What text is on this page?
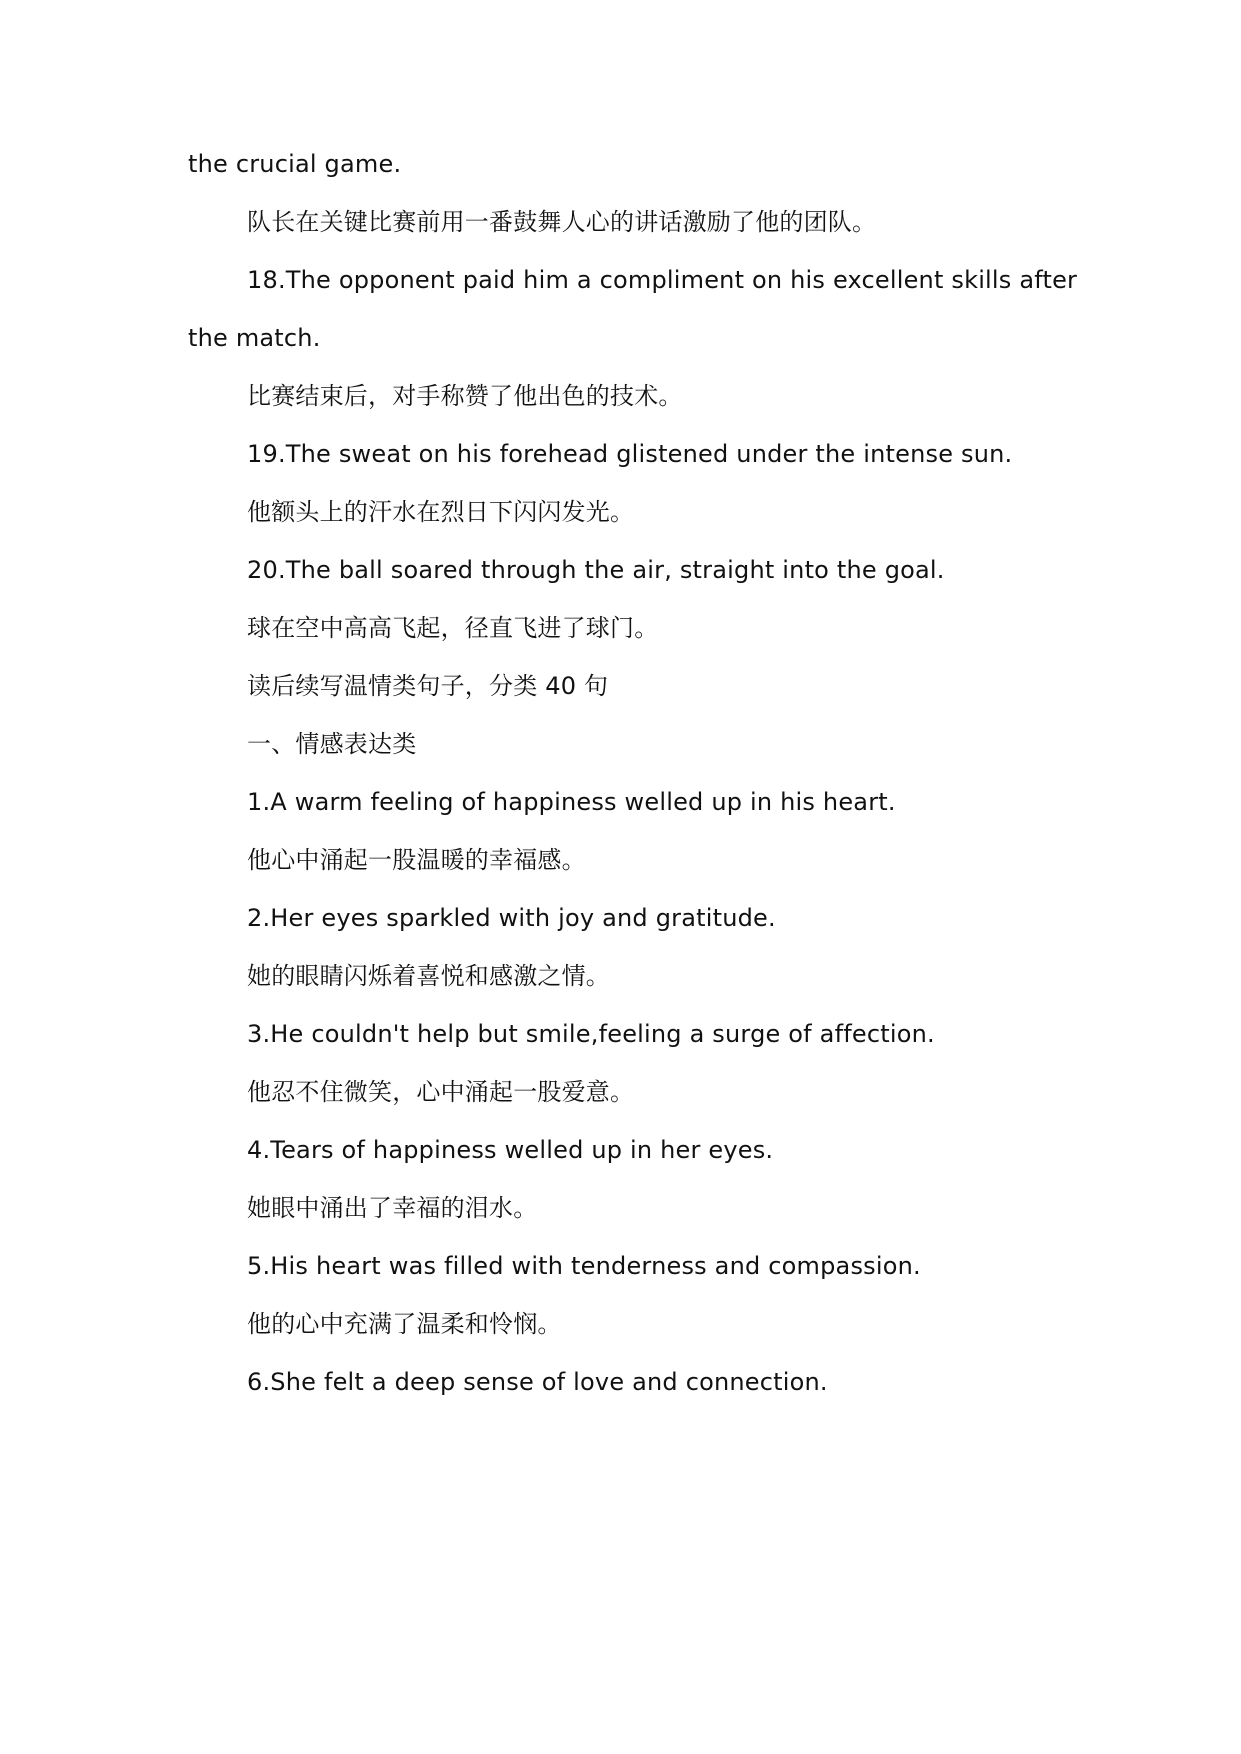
the crucial game.
队长在关键比赛前用一番鼓舞人心的讲话激励了他的团队。
18.The opponent paid him a compliment on his excellent skills after
the match.
比赛结束后，对手称赞了他出色的技术。
19.The sweat on his forehead glistened under the intense sun.
他额头上的汗水在烈日下闪闪发光。
20.The ball soared through the air, straight into the goal.
球在空中高高飞起，径直飞进了球门。
读后续写温情类句子，分类 40 句
一、情感表达类
1.A warm feeling of happiness welled up in his heart.
他心中涌起一股温暖的幸福感。
2.Her eyes sparkled with joy and gratitude.
她的眼睛闪烁着喜悦和感激之情。
3.He couldn't help but smile,feeling a surge of affection.
他忍不住微笑，心中涌起一股爱意。
4.Tears of happiness welled up in her eyes.
她眼中涌出了幸福的泪水。
5.His heart was filled with tenderness and compassion.
他的心中充满了温柔和怜悯。
6.She felt a deep sense of love and connection.
